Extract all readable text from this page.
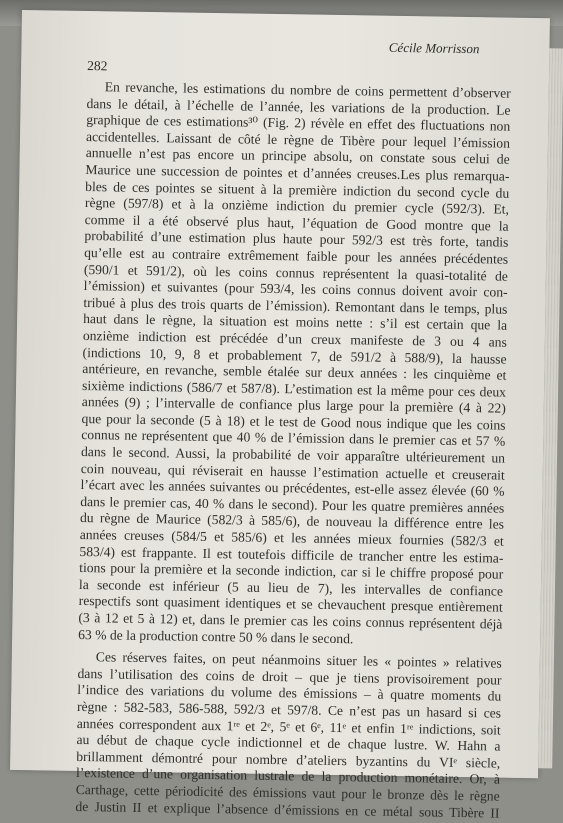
Cécile Morrisson
282
En revanche, les estimations du nombre de coins permettent d’observer
dans le détail, à l’échelle de l’année, les variations de la production. Le
graphique de ces estimations³⁰ (Fig. 2) révèle en effet des fluctuations non
accidentelles. Laissant de côté le règne de Tibère pour lequel l’émission
annuelle n’est pas encore un principe absolu, on constate sous celui de
Maurice une succession de pointes et d’années creuses.Les plus remarqua-
bles de ces pointes se situent à la première indiction du second cycle du
règne (597/8) et à la onzième indiction du premier cycle (592/3). Et,
comme il a été observé plus haut, l’équation de Good montre que la
probabilité d’une estimation plus haute pour 592/3 est très forte, tandis
qu’elle est au contraire extrêmement faible pour les années précédentes
(590/1 et 591/2), où les coins connus représentent la quasi-totalité de
l’émission) et suivantes (pour 593/4, les coins connus doivent avoir con-
tribué à plus des trois quarts de l’émission). Remontant dans le temps, plus
haut dans le règne, la situation est moins nette : s’il est certain que la
onzième indiction est précédée d’un creux manifeste de 3 ou 4 ans
(indictions 10, 9, 8 et probablement 7, de 591/2 à 588/9), la hausse
antérieure, en revanche, semble étalée sur deux années : les cinquième et
sixième indictions (586/7 et 587/8). L’estimation est la même pour ces deux
années (9) ; l’intervalle de confiance plus large pour la première (4 à 22)
que pour la seconde (5 à 18) et le test de Good nous indique que les coins
connus ne représentent que 40 % de l’émission dans le premier cas et 57 %
dans le second. Aussi, la probabilité de voir apparaître ultérieurement un
coin nouveau, qui réviserait en hausse l’estimation actuelle et creuserait
l’écart avec les années suivantes ou précédentes, est-elle assez élevée (60 %
dans le premier cas, 40 % dans le second). Pour les quatre premières années
du règne de Maurice (582/3 à 585/6), de nouveau la différence entre les
années creuses (584/5 et 585/6) et les années mieux fournies (582/3 et
583/4) est frappante. Il est toutefois difficile de trancher entre les estima-
tions pour la première et la seconde indiction, car si le chiffre proposé pour
la seconde est inférieur (5 au lieu de 7), les intervalles de confiance
respectifs sont quasiment identiques et se chevauchent presque entièrement
(3 à 12 et 5 à 12) et, dans le premier cas les coins connus représentent déjà
63 % de la production contre 50 % dans le second.
Ces réserves faites, on peut néanmoins situer les « pointes » relatives
dans l’utilisation des coins de droit – que je tiens provisoirement pour
l’indice des variations du volume des émissions – à quatre moments du
règne : 582-583, 586-588, 592/3 et 597/8. Ce n’est pas un hasard si ces
années correspondent aux 1ʳᵉ et 2ᵉ, 5ᵉ et 6ᵉ, 11ᵉ et enfin 1ʳᵉ indictions, soit
au début de chaque cycle indictionnel et de chaque lustre. W. Hahn a
brillamment démontré pour nombre d’ateliers byzantins du VIᵉ siècle,
l’existence d’une organisation lustrale de la production monétaire. Or, à
Carthage, cette périodicité des émissions vaut pour le bronze dès le règne
de Justin II et explique l’absence d’émissions en ce métal sous Tibère II
